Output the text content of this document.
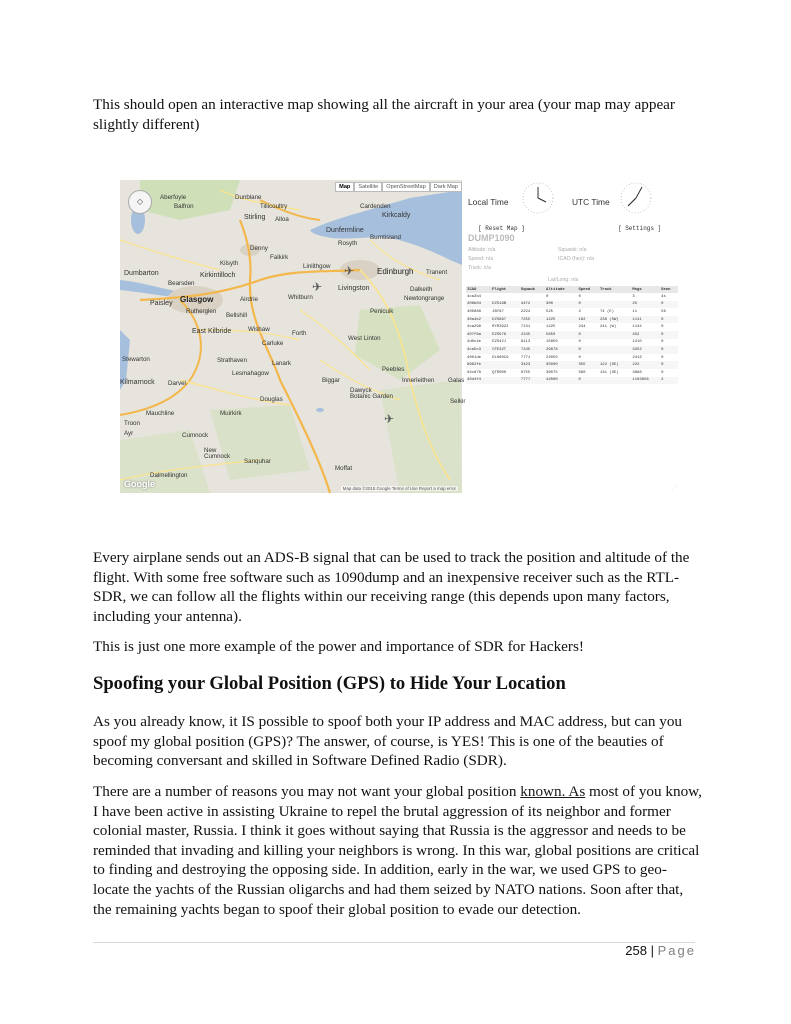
This should open an interactive map showing all the aircraft in your area (your map may appear slightly different)
◇
Map	Satellite	OpenStreetMap	Dark Map
Aberfoyle	Dunblane
Tillicoultry	Cardenden
Kirkcaldy
Stirling Alloa
Dunfermline
Burntisland
Rosyth
Balfron
Denny
Falkirk
Kilsyth	Linlithgow
Edinburgh Tranent
Dumbarton	Kirkintilloch
Bearsden
Livingston	Dalkeith
Newtongrange
Glasgow	Airdrie	Whitburn
Paisley
Rutherglen
Bellshill
Penicuik
East Kilbride	Wishaw
Forth
West Linton
Carluke
Stewarton	Strathaven	Lanark
Peebles
Lesmahagow
Kilmarnock Darvel	Biggar	Innerleithen Galas
Dawyck
Botanic Garden
Selkir
Douglas
Mauchline	Muirkirk
Troon
Ayr	Cumnock
New
Cumnock
Sanquhar
Moffat
Dalmellington
✈
✈
✈
Google	Map data ©2015 Google Terms of Use Report a map error
Local Time	UTC Time
[ Reset Map ]	[ Settings ]
DUMP1090
Altitude: n/a
Speed: n/a
Track: n/a
Squawk: n/a
ICAO (hex): n/a
Lat/Long: n/a
ICAO	Flight	Squawk	Altitude	Speed	Track	Msgs	Seen
4ca2b4			0	0		3	4s
406b04	EZS19B	4472	300	0		25	0
400888	JBY97	2224	525	2	74 (E)	11	56
40a4e2	EZS897	7255	1225	162	238 (SW)	1111	0
4ca298	RYR3922	7131	1225	244	241 (W)	1144	0
407f6a	EZS976	2245	5850	0		452	0
4d0c4e	EZS42J	8113	15850	0		1210	0
4ca5c3	CFE32T	7245	29878	0		3252	0
4001de	DLH60C9	7771	22050	0		2413	0
8962fe		3423	35000	355	122 (SE)	222	0
04c878	QTR000	6755	36075	580	131 (SE)	3888	0
40d4f4		7777	42000	0		1103656	2
⋰
Every airplane sends out an ADS-B signal that can be used to track the position and altitude of the flight. With some free software such as 1090dump and an inexpensive receiver such as the RTL-SDR, we can follow all the flights within our receiving range (this depends upon many factors, including your antenna).
This is just one more example of the power and importance of SDR for Hackers!
Spoofing your Global Position (GPS) to Hide Your Location
As you already know, it IS possible to spoof both your IP address and MAC address, but can you spoof my global position (GPS)? The answer, of course, is YES! This is one of the beauties of becoming conversant and skilled in Software Defined Radio (SDR).
There are a number of reasons you may not want your global position known. As most of you know, I have been active in assisting Ukraine to repel the brutal aggression of its neighbor and former colonial master, Russia. I think it goes without saying that Russia is the aggressor and needs to be reminded that invading and killing your neighbors is wrong. In this war, global positions are critical to finding and destroying the opposing side. In addition, early in the war, we used GPS to geo-locate the yachts of the Russian oligarchs and had them seized by NATO nations. Soon after that, the remaining yachts began to spoof their global position to evade our detection.
258 | Page
